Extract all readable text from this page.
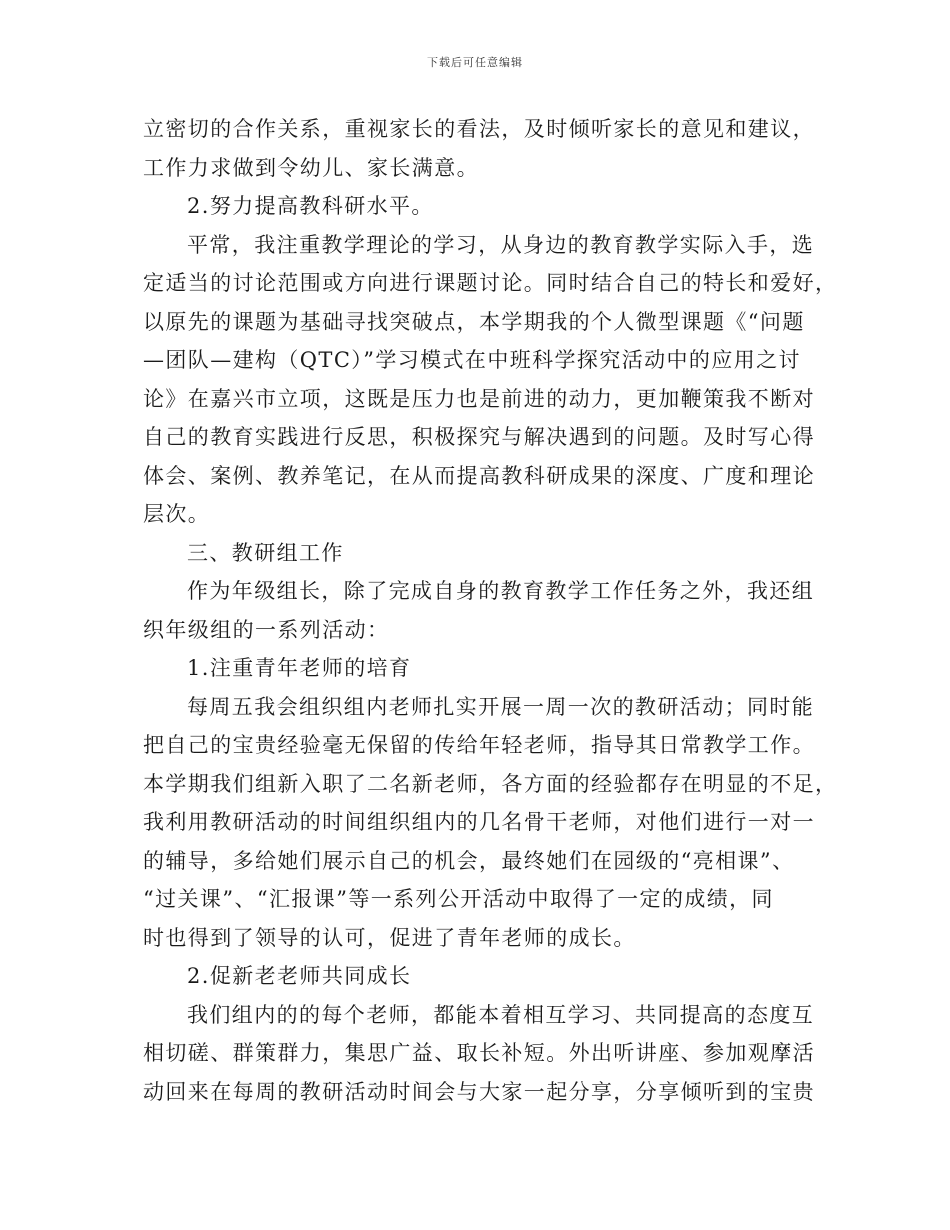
下载后可任意编辑
立密切的合作关系，重视家长的看法，及时倾听家长的意见和建议，
工作力求做到令幼儿、家长满意。
2.努力提高教科研水平。
平常，我注重教学理论的学习，从身边的教育教学实际入手，选
定适当的讨论范围或方向进行课题讨论。同时结合自己的特长和爱好，
以原先的课题为基础寻找突破点，本学期我的个人微型课题《“问题
—团队—建构（QTC）”学习模式在中班科学探究活动中的应用之讨
论》在嘉兴市立项，这既是压力也是前进的动力，更加鞭策我不断对
自己的教育实践进行反思，积极探究与解决遇到的问题。及时写心得
体会、案例、教养笔记，在从而提高教科研成果的深度、广度和理论
层次。
三、教研组工作
作为年级组长，除了完成自身的教育教学工作任务之外，我还组
织年级组的一系列活动：
1.注重青年老师的培育
每周五我会组织组内老师扎实开展一周一次的教研活动；同时能
把自己的宝贵经验毫无保留的传给年轻老师，指导其日常教学工作。
本学期我们组新入职了二名新老师，各方面的经验都存在明显的不足，
我利用教研活动的时间组织组内的几名骨干老师，对他们进行一对一
的辅导，多给她们展示自己的机会，最终她们在园级的“亮相课”、
“过关课”、“汇报课”等一系列公开活动中取得了一定的成绩，同
时也得到了领导的认可，促进了青年老师的成长。
2.促新老老师共同成长
我们组内的的每个老师，都能本着相互学习、共同提高的态度互
相切磋、群策群力，集思广益、取长补短。外出听讲座、参加观摩活
动回来在每周的教研活动时间会与大家一起分享，分享倾听到的宝贵
